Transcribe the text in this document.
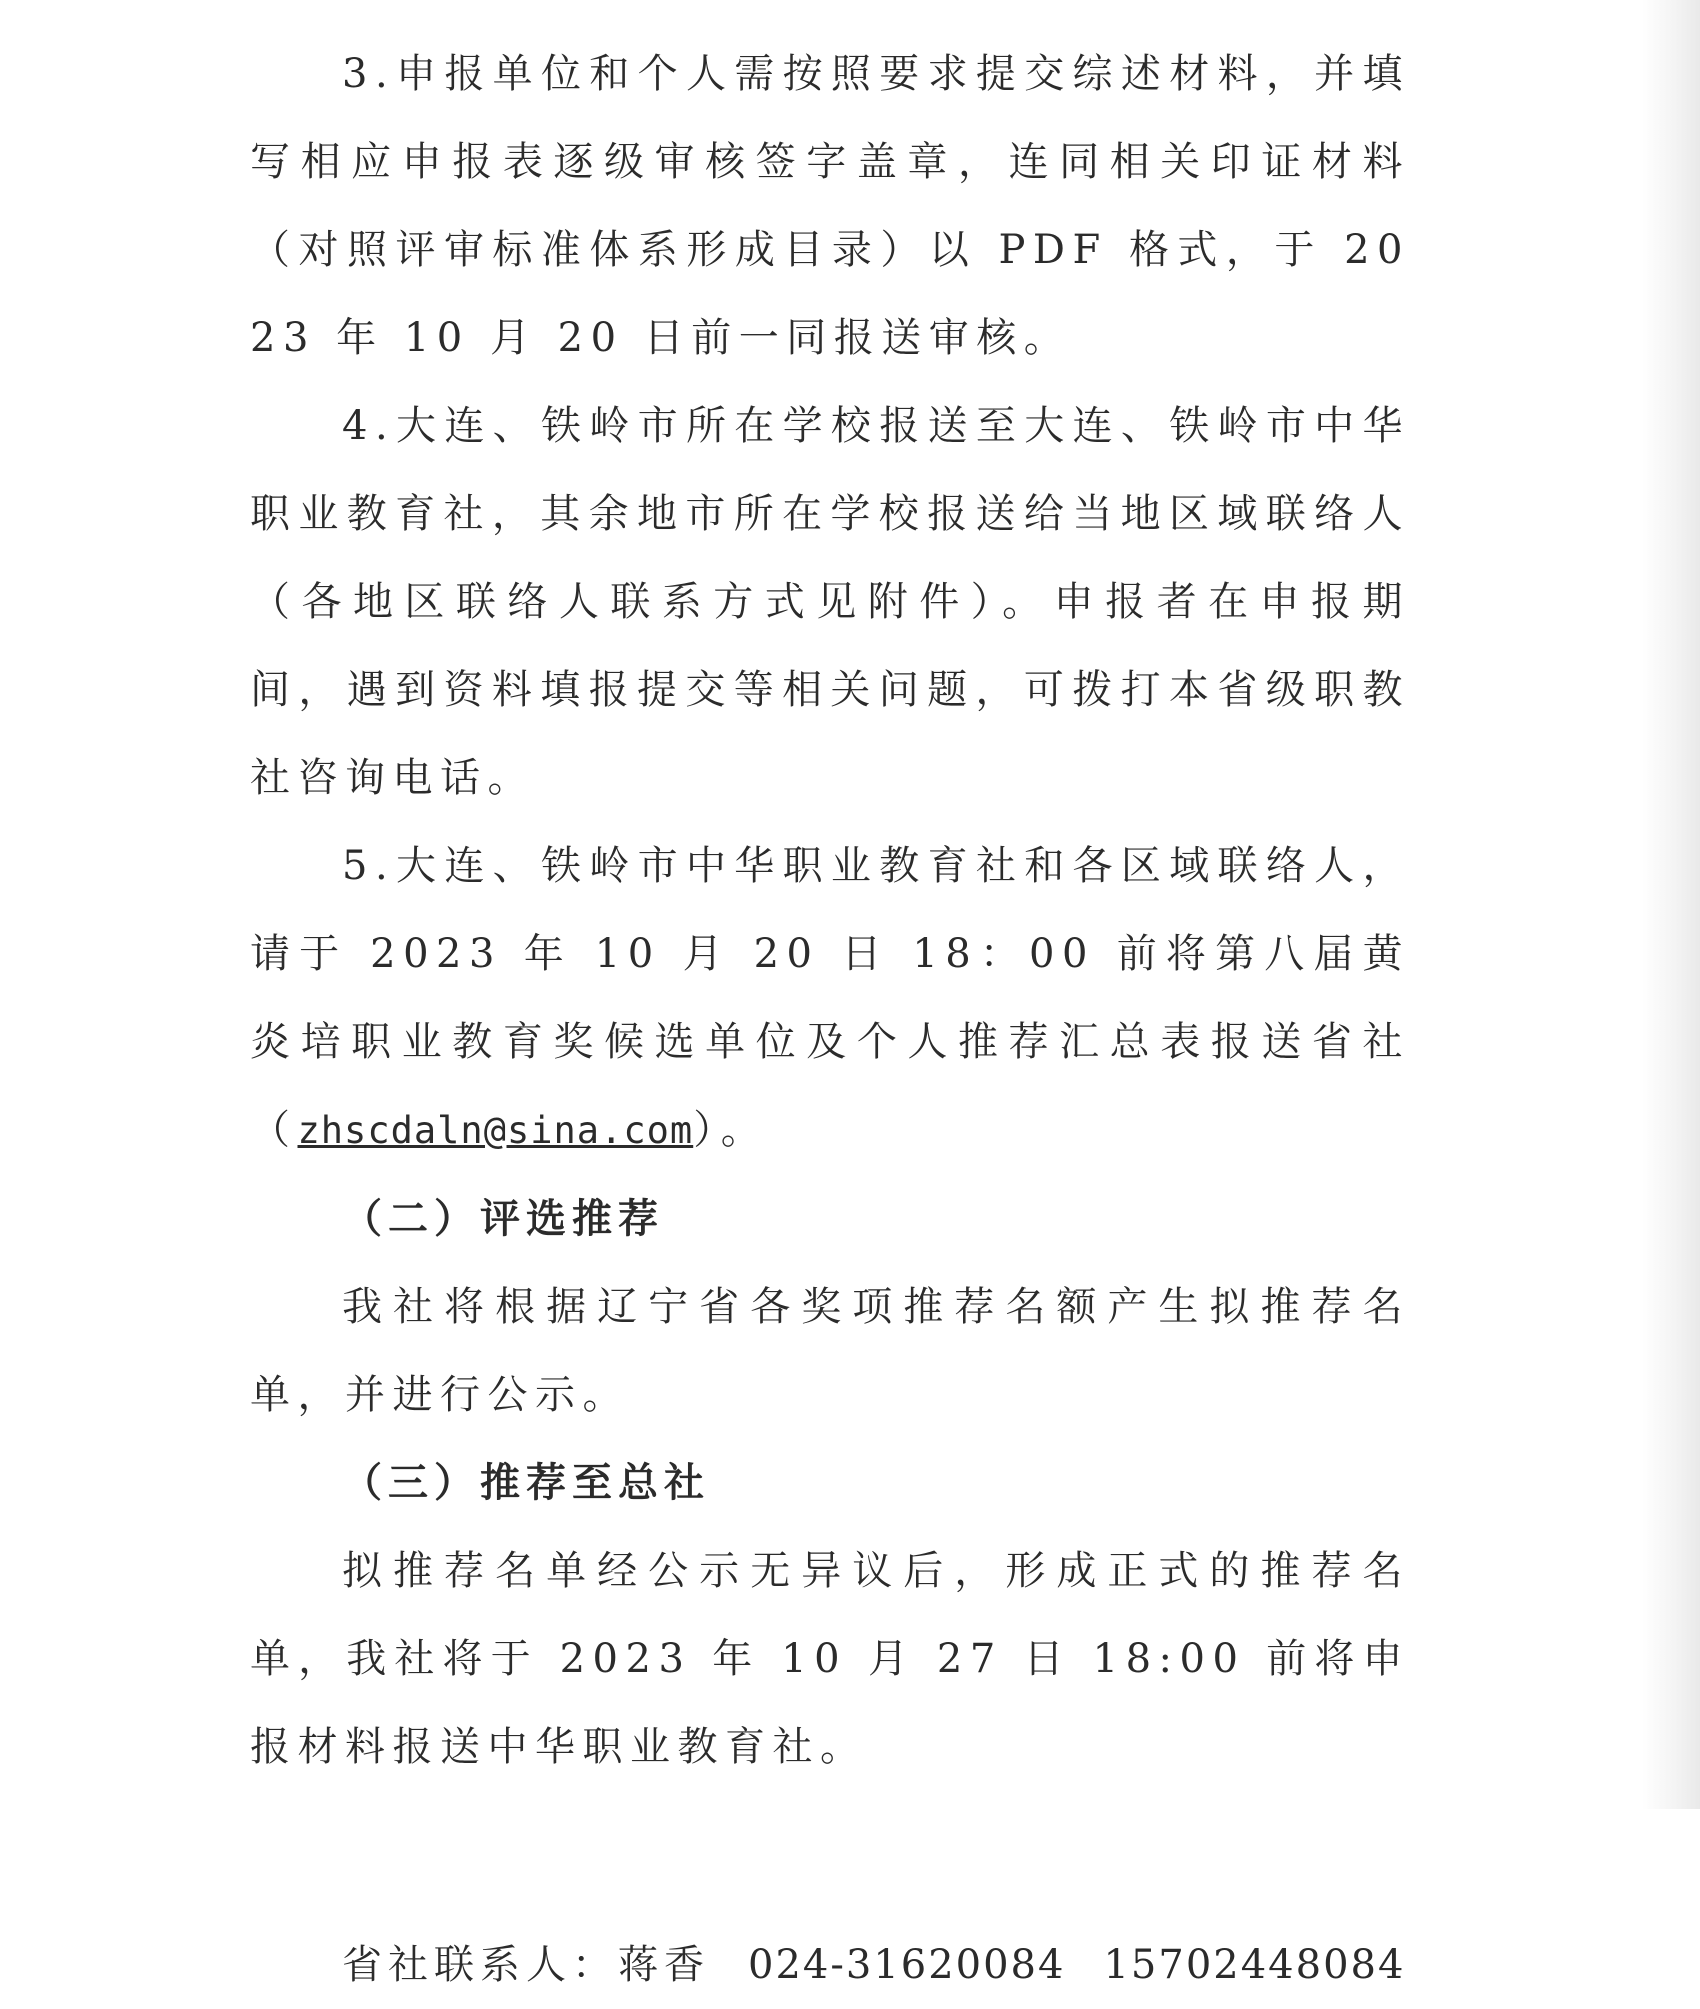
3.申报单位和个人需按照要求提交综述材料，并填写相应申报表逐级审核签字盖章，连同相关印证材料（对照评审标准体系形成目录）以 PDF 格式，于 2023 年 10 月 20 日前一同报送审核。

4.大连、铁岭市所在学校报送至大连、铁岭市中华职业教育社，其余地市所在学校报送给当地区域联络人（各地区联络人联系方式见附件）。申报者在申报期间，遇到资料填报提交等相关问题，可拨打本省级职教社咨询电话。

5.大连、铁岭市中华职业教育社和各区域联络人，请于 2023 年 10 月 20 日 18：00 前将第八届黄炎培职业教育奖候选单位及个人推荐汇总表报送省社（zhscdaln@sina.com）。

（二）评选推荐

我社将根据辽宁省各奖项推荐名额产生拟推荐名单，并进行公示。

（三）推荐至总社

拟推荐名单经公示无异议后，形成正式的推荐名单，我社将于 2023 年 10 月 27 日 18:00 前将申报材料报送中华职业教育社。

省社联系人：蒋香 024-31620084 15702448084
